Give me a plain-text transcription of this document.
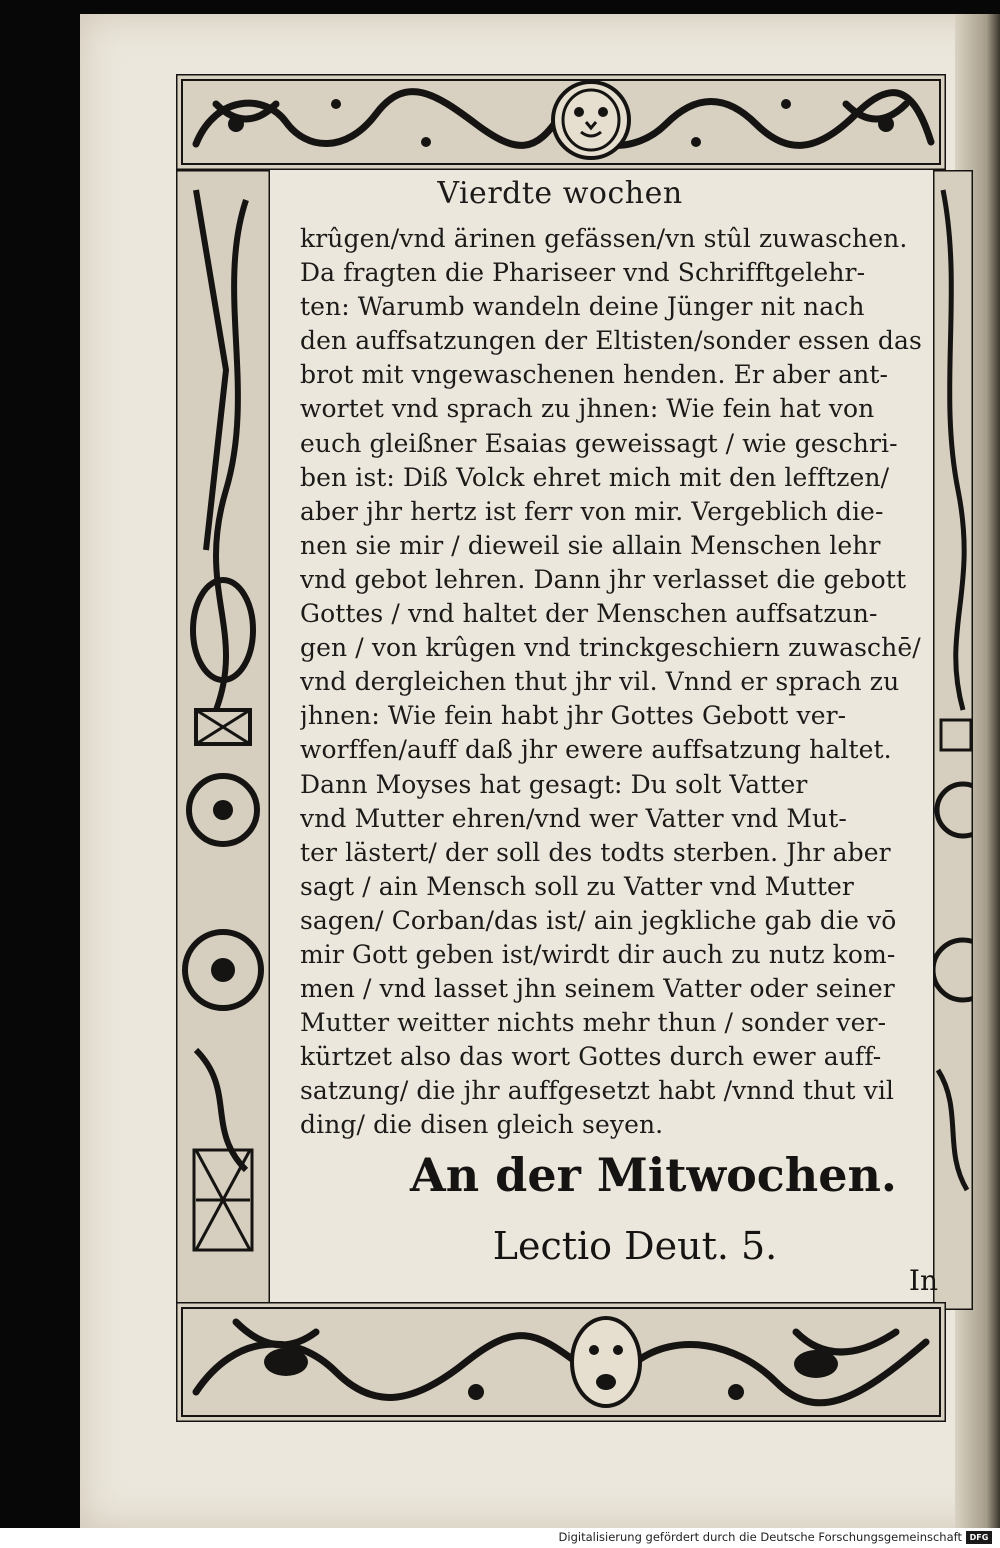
Vierdte wochen
krûgen/vnd ärinen gefässen/vn stûl zuwaschen.
Da fragten die Phariseer vnd Schrifftgelehr-
ten: Warumb wandeln deine Jünger nit nach
den auffsatzungen der Eltisten/sonder essen das
brot mit vngewaschenen henden. Er aber ant-
wortet vnd sprach zu jhnen: Wie fein hat von
euch gleißner Esaias geweissagt / wie geschri-
ben ist: Diß Volck ehret mich mit den lefftzen/
aber jhr hertz ist ferr von mir. Vergeblich die-
nen sie mir / dieweil sie allain Menschen lehr
vnd gebot lehren. Dann jhr verlasset die gebott
Gottes / vnd haltet der Menschen auffsatzun-
gen / von krûgen vnd trinckgeschiern zuwaschē/
vnd dergleichen thut jhr vil. Vnnd er sprach zu
jhnen: Wie fein habt jhr Gottes Gebott ver-
worffen/auff daß jhr ewere auffsatzung haltet.
Dann Moyses hat gesagt: Du solt Vatter
vnd Mutter ehren/vnd wer Vatter vnd Mut-
ter lästert/ der soll des todts sterben. Jhr aber
sagt / ain Mensch soll zu Vatter vnd Mutter
sagen/ Corban/das ist/ ain jegkliche gab die vō
mir Gott geben ist/wirdt dir auch zu nutz kom-
men / vnd lasset jhn seinem Vatter oder seiner
Mutter weitter nichts mehr thun / sonder ver-
kürtzet also das wort Gottes durch ewer auff-
satzung/ die jhr auffgesetzt habt /vnnd thut vil
ding/ die disen gleich seyen.
An der Mitwochen.
Lectio Deut. 5.
In
Digitalisierung gefördert durch die Deutsche Forschungsgemeinschaft DFG
